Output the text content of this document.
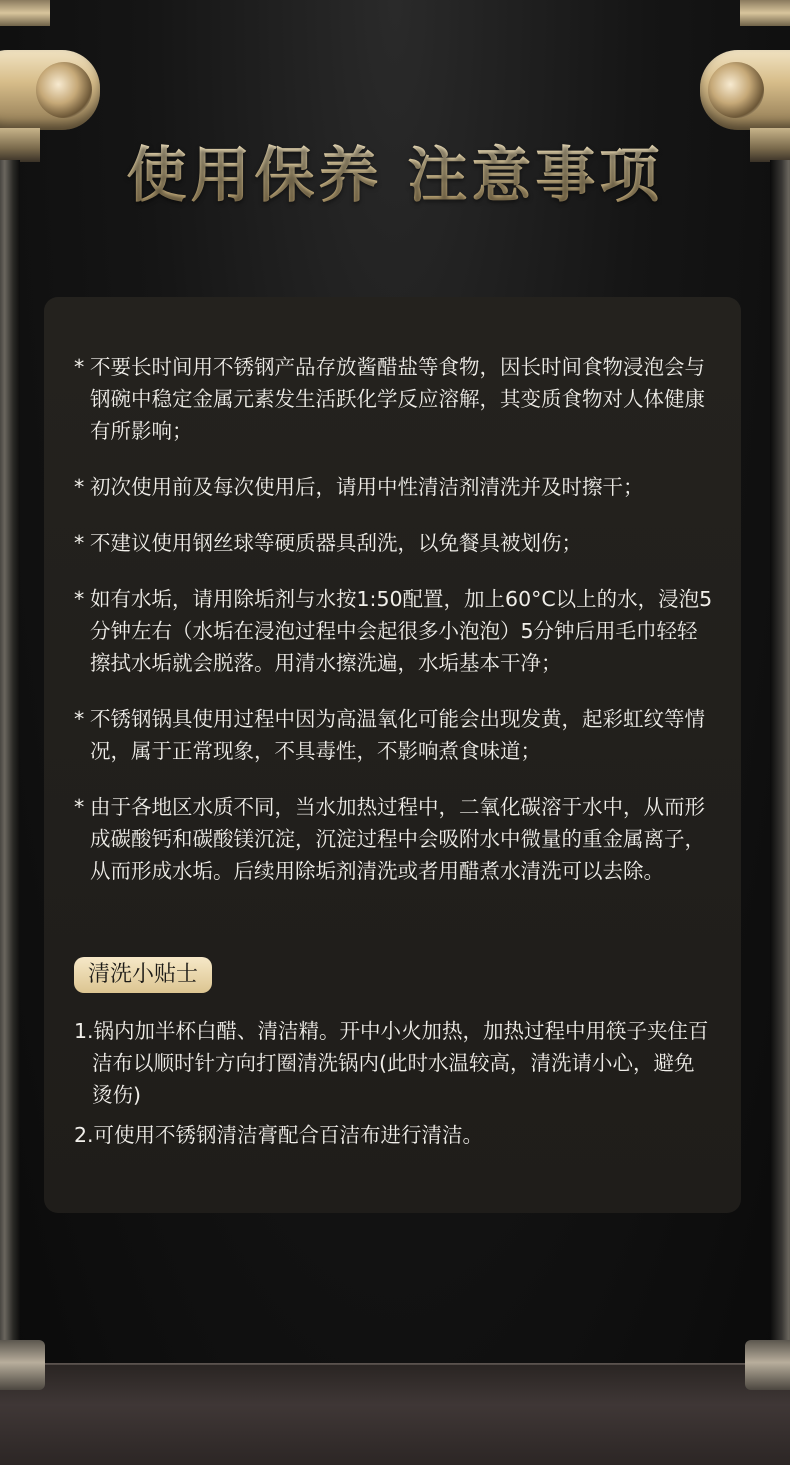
使用保养 注意事项
* 不要长时间用不锈钢产品存放酱醋盐等食物，因长时间食物浸泡会与钢碗中稳定金属元素发生活跃化学反应溶解，其变质食物对人体健康有所影响；
* 初次使用前及每次使用后，请用中性清洁剂清洗并及时擦干；
* 不建议使用钢丝球等硬质器具刮洗，以免餐具被划伤；
* 如有水垢，请用除垢剂与水按1:50配置，加上60°C以上的水，浸泡5分钟左右（水垢在浸泡过程中会起很多小泡泡）5分钟后用毛巾轻轻擦拭水垢就会脱落。用清水擦洗遍，水垢基本干净；
* 不锈钢锅具使用过程中因为高温氧化可能会出现发黄，起彩虹纹等情况，属于正常现象，不具毒性，不影响煮食味道；
* 由于各地区水质不同，当水加热过程中，二氧化碳溶于水中，从而形成碳酸钙和碳酸镁沉淀，沉淀过程中会吸附水中微量的重金属离子，从而形成水垢。后续用除垢剂清洗或者用醋煮水清洗可以去除。
清洗小贴士
1.锅内加半杯白醋、清洁精。开中小火加热，加热过程中用筷子夹住百洁布以顺时针方向打圈清洗锅内(此时水温较高，清洗请小心，避免烫伤)
2.可使用不锈钢清洁膏配合百洁布进行清洁。
